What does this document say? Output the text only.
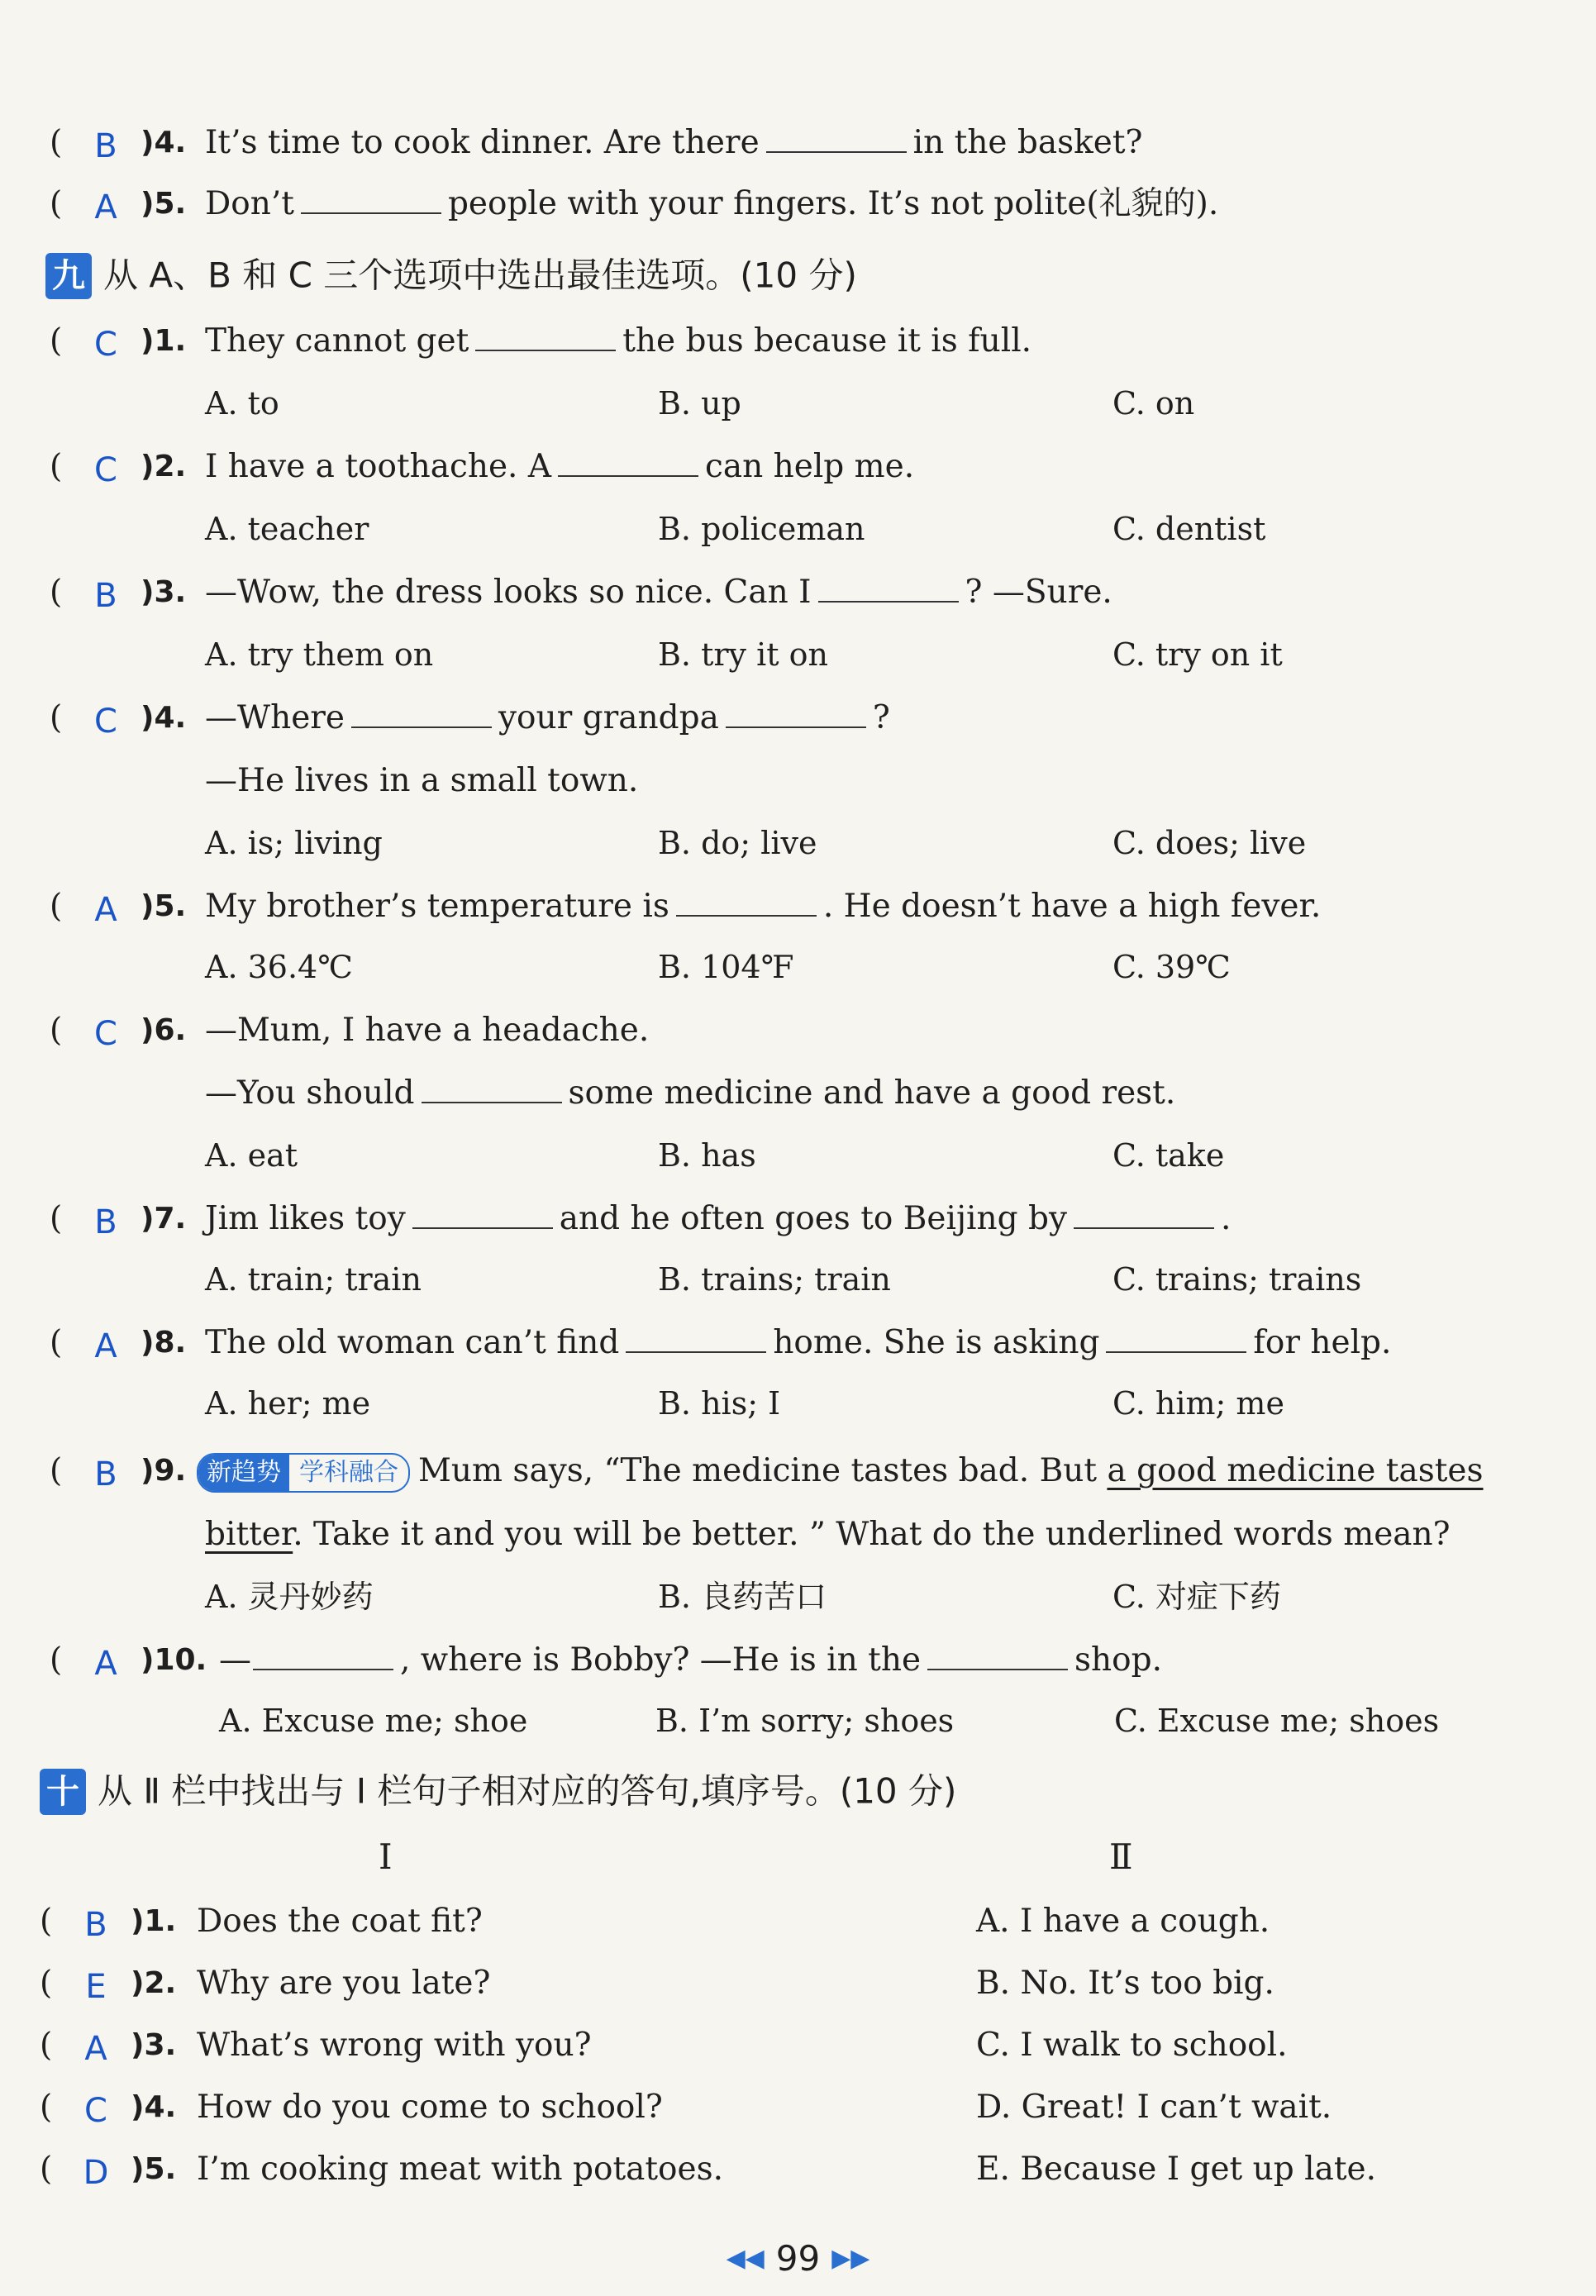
( B )4. It’s time to cook dinner. Are there	in the basket?
( A )5. Don’t	people with your fingers. It’s not polite(礼貌的).
九 从 A、B 和 C 三个选项中选出最佳选项。(10 分)
( C )1. They cannot get	the bus because it is full.
A. to	B. up	C. on
( C )2. I have a toothache. A	can help me.
A. teacher	B. policeman	C. dentist
( B )3. —Wow, the dress looks so nice. Can I	? —Sure.
A. try them on	B. try it on	C. try on it
( C )4. —Where	your grandpa	?
—He lives in a small town.
A. is; living	B. do; live	C. does; live
( A )5. My brother’s temperature is	. He doesn’t have a high fever.
A. 36.4℃	B. 104℉	C. 39℃
( C )6. —Mum, I have a headache.
—You should	some medicine and have a good rest.
A. eat	B. has	C. take
( B )7. Jim likes toy	and he often goes to Beijing by	.
A. train; train	B. trains; train	C. trains; trains
( A )8. The old woman can’t find	home. She is asking	for help.
A. her; me	B. his; I	C. him; me
( B )9. 新趋势 学科融合 Mum says, “The medicine tastes bad. But a good medicine tastes
bitter. Take it and you will be better. ” What do the underlined words mean?
A. 灵丹妙药	B. 良药苦口	C. 对症下药
( A )10. —	, where is Bobby? —He is in the	shop.
A. Excuse me; shoe	B. I’m sorry; shoes	C. Excuse me; shoes
十 从 Ⅱ 栏中找出与 Ⅰ 栏句子相对应的答句,填序号。(10 分)
Ⅰ	Ⅱ
( B )1. Does the coat fit?	A. I have a cough.
( E )2. Why are you late?	B. No. It’s too big.
( A )3. What’s wrong with you?	C. I walk to school.
( C )4. How do you come to school?	D. Great! I can’t wait.
( D )5. I’m cooking meat with potatoes.	E. Because I get up late.
◀◀ 99 ▶▶
